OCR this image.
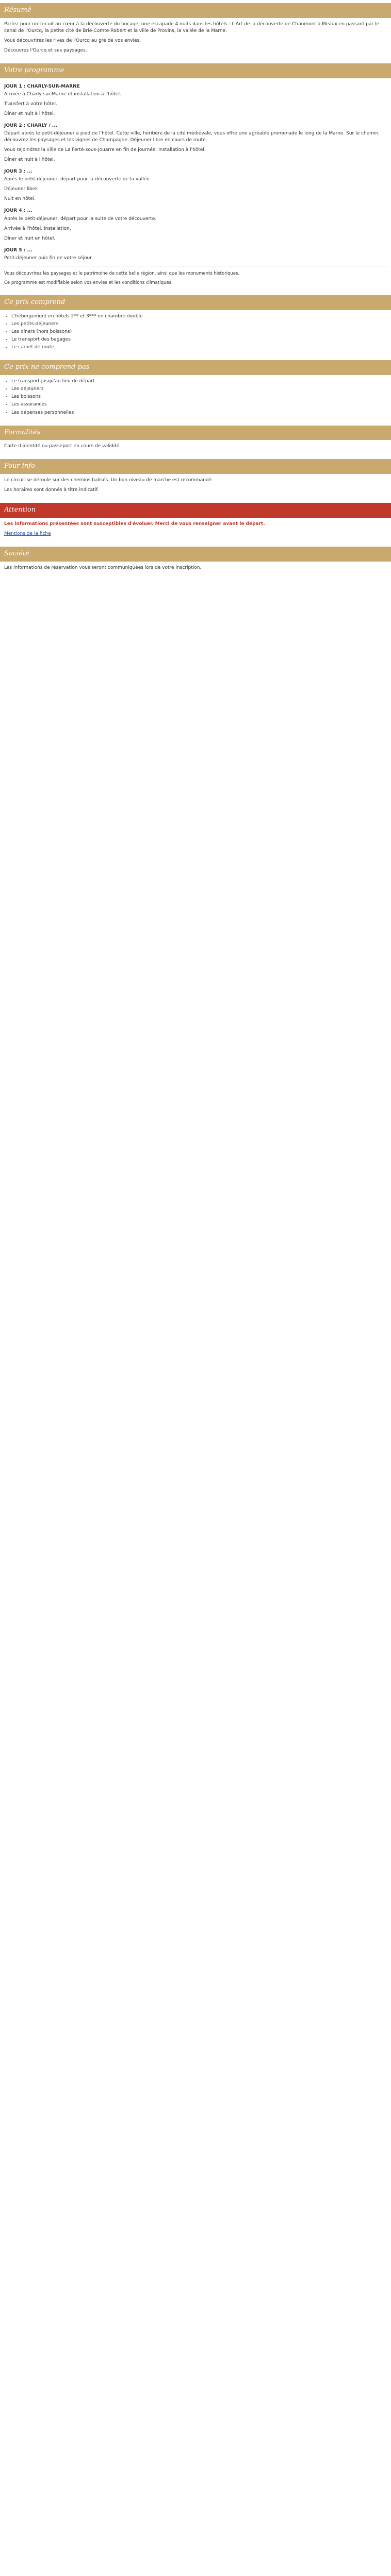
Résumé

Partez pour un circuit au cœur à la découverte du bocage, une escapade 4 nuits dans les hôtels : L'Art de la découverte de Chaumont à Meaux en passant par le canal de l'Ourcq, la petite cité de Brie-Comte-Robert et la ville de Provins, la vallée de la Marne.

Vous découvrirez les rives de l'Ourcq au gré de vos envies.

Découvrez l'Ourcq et ses paysages.

Votre programme
JOUR 1 : CHARLY-SUR-MARNE

Arrivée à Charly-sur-Marne et installation à l'hôtel.

Transfert à votre hôtel.

Dîner et nuit à l'hôtel.

JOUR 2 : CHARLY / ...

Départ après le petit-déjeuner à pied de l'hôtel. Cette ville, héritière de la cité médiévale, vous offre une agréable promenade le long de la Marne. Sur le chemin, découvrez les paysages et les vignes de Champagne. Déjeuner libre en cours de route.

Vous rejoindrez la ville de La Ferté-sous-Jouarre en fin de journée. Installation à l'hôtel.

Dîner et nuit à l'hôtel.

JOUR 3 : ...

Après le petit-déjeuner, départ pour la découverte de la vallée.

Déjeuner libre.

Nuit en hôtel.

JOUR 4 : ...

Après le petit-déjeuner, départ pour la suite de votre découverte.

Arrivée à l'hôtel. Installation.

Dîner et nuit en hôtel.

JOUR 5 : ...

Petit-déjeuner puis fin de votre séjour.

Vous découvrirez les paysages et le patrimoine de cette belle région, ainsi que les monuments historiques.

Ce programme est modifiable selon vos envies et les conditions climatiques.

Ce prix comprend
• L'hébergement en hôtels 2** et 3*** en chambre double
• Les petits-déjeuners
• Les dîners (hors boissons)
• Le transport des bagages
• Le carnet de route
Ce prix ne comprend pas
• Le transport jusqu'au lieu de départ
• Les déjeuners
• Les boissons
• Les assurances
• Les dépenses personnelles
Formalités

Carte d'identité ou passeport en cours de validité.

Pour info

Le circuit se déroule sur des chemins balisés. Un bon niveau de marche est recommandé.

Les horaires sont donnés à titre indicatif.

Attention

Les informations présentées sont susceptibles d'évoluer. Merci de vous renseigner avant le départ.

Mentions de la fiche

Société

Les informations de réservation vous seront communiquées lors de votre inscription.
